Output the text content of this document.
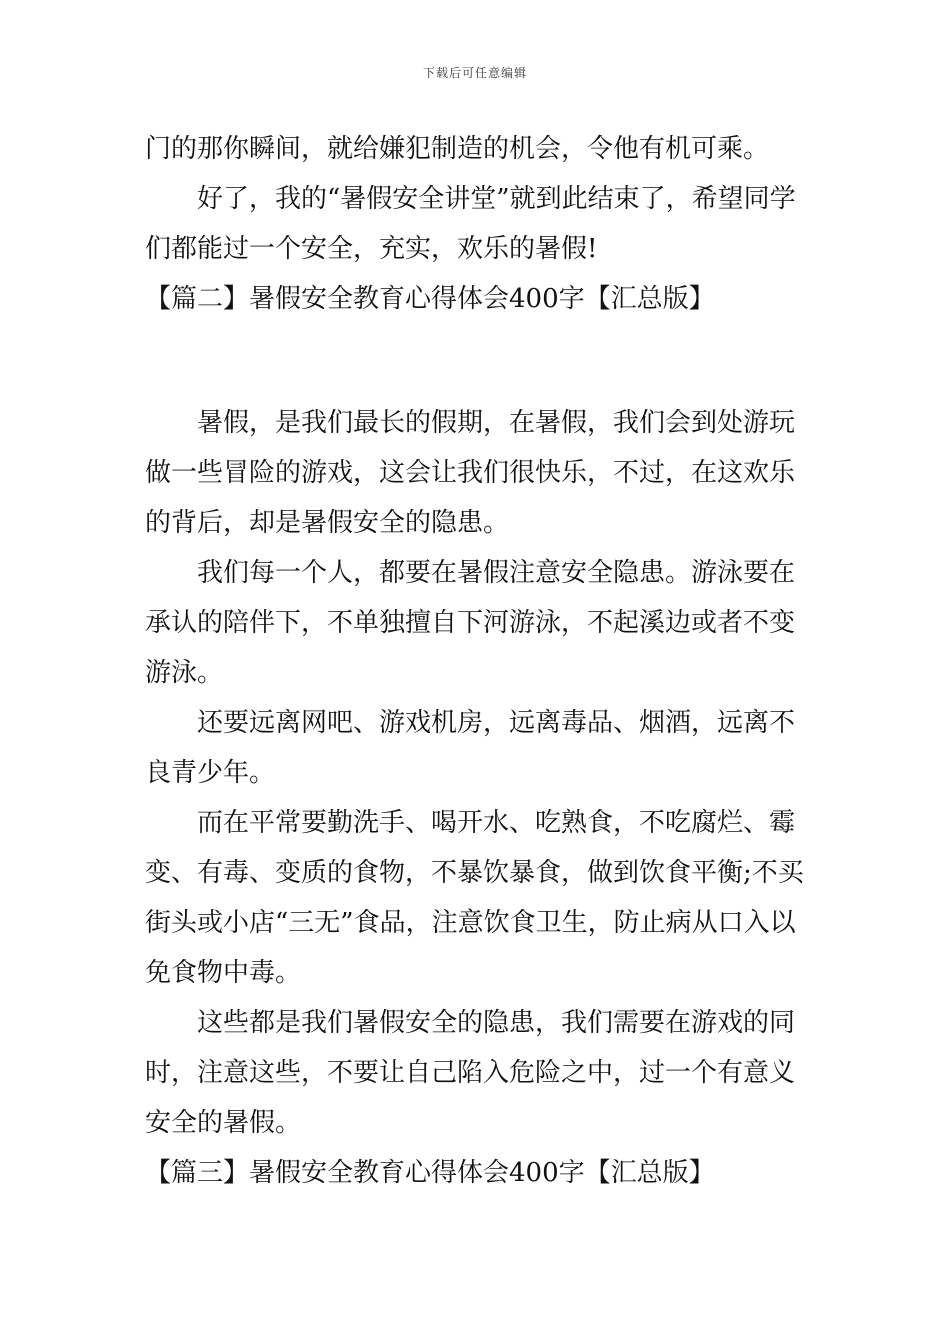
下载后可任意编辑

门的那你瞬间，就给嫌犯制造的机会，令他有机可乘。

好了，我的“暑假安全讲堂”就到此结束了，希望同学们都能过一个安全，充实，欢乐的暑假!

【篇二】暑假安全教育心得体会400字【汇总版】

暑假，是我们最长的假期，在暑假，我们会到处游玩做一些冒险的游戏，这会让我们很快乐，不过，在这欢乐的背后，却是暑假安全的隐患。

我们每一个人，都要在暑假注意安全隐患。游泳要在承认的陪伴下，不单独擅自下河游泳，不起溪边或者不变游泳。

还要远离网吧、游戏机房，远离毒品、烟酒，远离不良青少年。

而在平常要勤洗手、喝开水、吃熟食，不吃腐烂、霉变、有毒、变质的食物，不暴饮暴食，做到饮食平衡;不买街头或小店“三无”食品，注意饮食卫生，防止病从口入以免食物中毒。

这些都是我们暑假安全的隐患，我们需要在游戏的同时，注意这些，不要让自己陷入危险之中，过一个有意义安全的暑假。

【篇三】暑假安全教育心得体会400字【汇总版】
